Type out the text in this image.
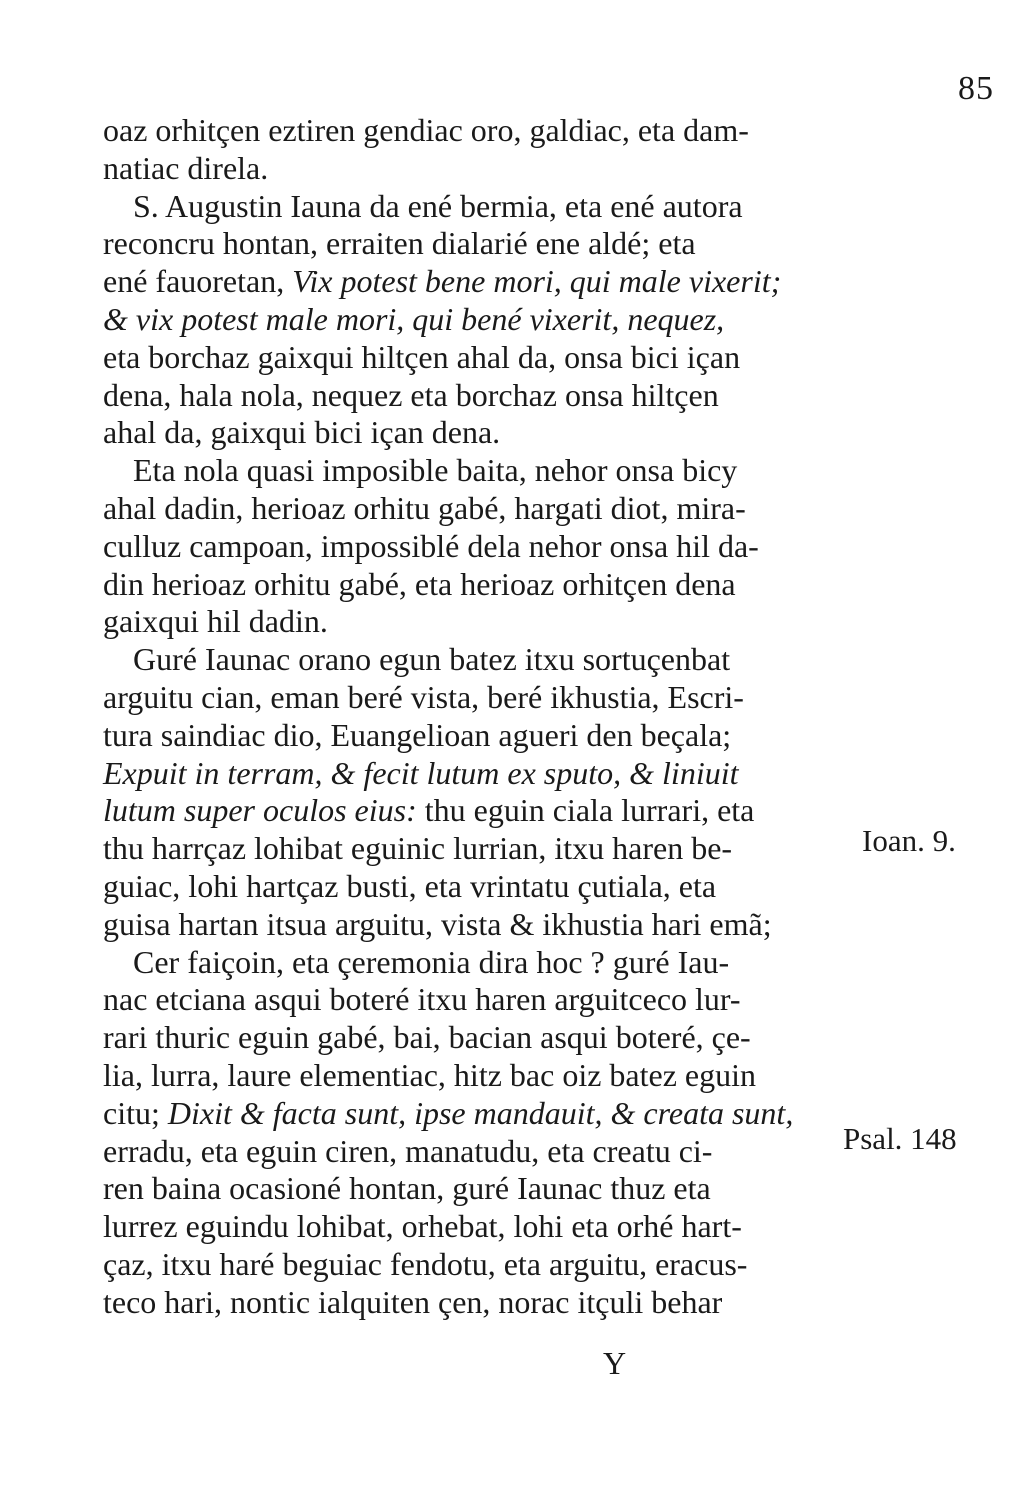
85
oaz orhitçen eztiren gendiac oro, galdiac, eta dam-
natiac direla.
S. Augustin Iauna da ené bermia, eta ené autora
reconcru hontan, erraiten dialarié ene aldé; eta
ené fauoretan, Vix potest bene mori, qui male vixerit;
& vix potest male mori, qui bené vixerit, nequez,
eta borchaz gaixqui hiltçen ahal da, onsa bici içan
dena, hala nola, nequez eta borchaz onsa hiltçen
ahal da, gaixqui bici içan dena.
Eta nola quasi imposible baita, nehor onsa bicy
ahal dadin, herioaz orhitu gabé, hargati diot, mira-
culluz campoan, impossiblé dela nehor onsa hil da-
din herioaz orhitu gabé, eta herioaz orhitçen dena
gaixqui hil dadin.
Guré Iaunac orano egun batez itxu sortuçenbat
arguitu cian, eman beré vista, beré ikhustia, Escri-
tura saindiac dio, Euangelioan agueri den beçala;
Expuit in terram, & fecit lutum ex sputo, & liniuit
lutum super oculos eius: thu eguin ciala lurrari, eta
thu harrçaz lohibat eguinic lurrian, itxu haren be-
guiac, lohi hartçaz busti, eta vrintatu çutiala, eta
guisa hartan itsua arguitu, vista & ikhustia hari emã;
Cer faiçoin, eta çeremonia dira hoc ? guré Iau-
nac etciana asqui boteré itxu haren arguitceco lur-
rari thuric eguin gabé, bai, bacian asqui boteré, çe-
lia, lurra, laure elementiac, hitz bac oiz batez eguin
citu; Dixit & facta sunt, ipse mandauit, & creata sunt,
erradu, eta eguin ciren, manatudu, eta creatu ci-
ren baina ocasioné hontan, guré Iaunac thuz eta
lurrez eguindu lohibat, orhebat, lohi eta orhé hart-
çaz, itxu haré beguiac fendotu, eta arguitu, eracus-
teco hari, nontic ialquiten çen, norac itçuli behar
Ioan. 9.
Psal. 148
Y
